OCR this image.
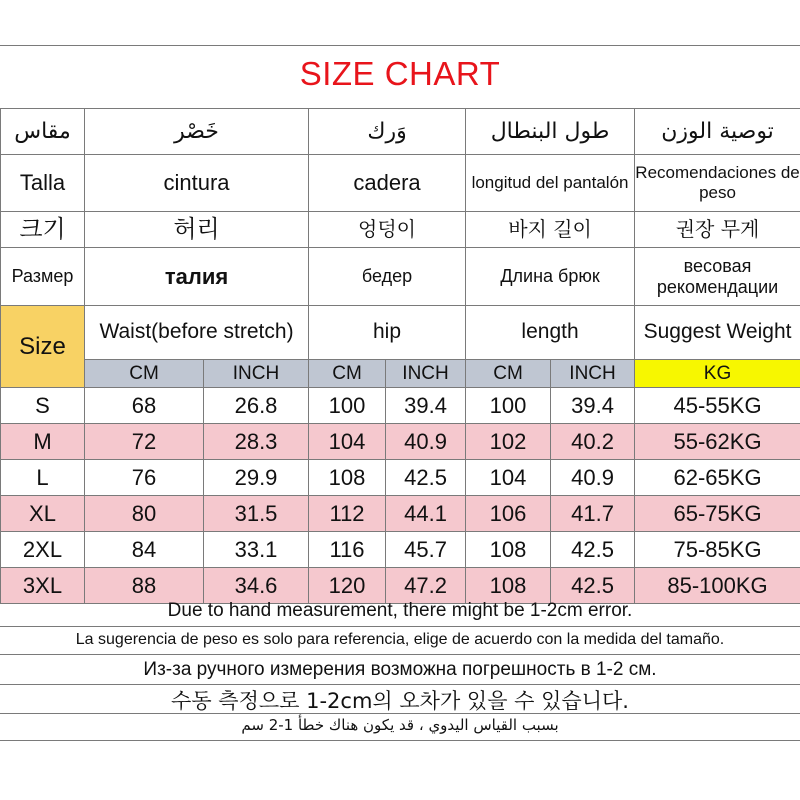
SIZE CHART
مقاس	خَصْر		وَرك		طول البنطال		توصية الوزن
Talla	cintura		cadera		longitud del pantalón		Recomendaciones de peso
크기	허리		엉덩이		바지 길이		권장 무게
Размер	талия		бедер		Длина брюк		весовая рекомендации
Size	Waist(before stretch)		hip		length		Suggest Weight
	CM	INCH	CM	INCH	CM	INCH	KG
S	68	26.8	100	39.4	100	39.4	45-55KG
M	72	28.3	104	40.9	102	40.2	55-62KG
L	76	29.9	108	42.5	104	40.9	62-65KG
XL	80	31.5	112	44.1	106	41.7	65-75KG
2XL	84	33.1	116	45.7	108	42.5	75-85KG
3XL	88	34.6	120	47.2	108	42.5	85-100KG
Due to hand measurement, there might be 1-2cm error.
La sugerencia de peso es solo para referencia, elige de acuerdo con la medida del tamaño.
Из-за ручного измерения возможна погрешность в 1-2 см.
수동 측정으로 1-2cm의 오차가 있을 수 있습니다.
بسبب القياس اليدوي ، قد يكون هناك خطأ 1-2 سم
